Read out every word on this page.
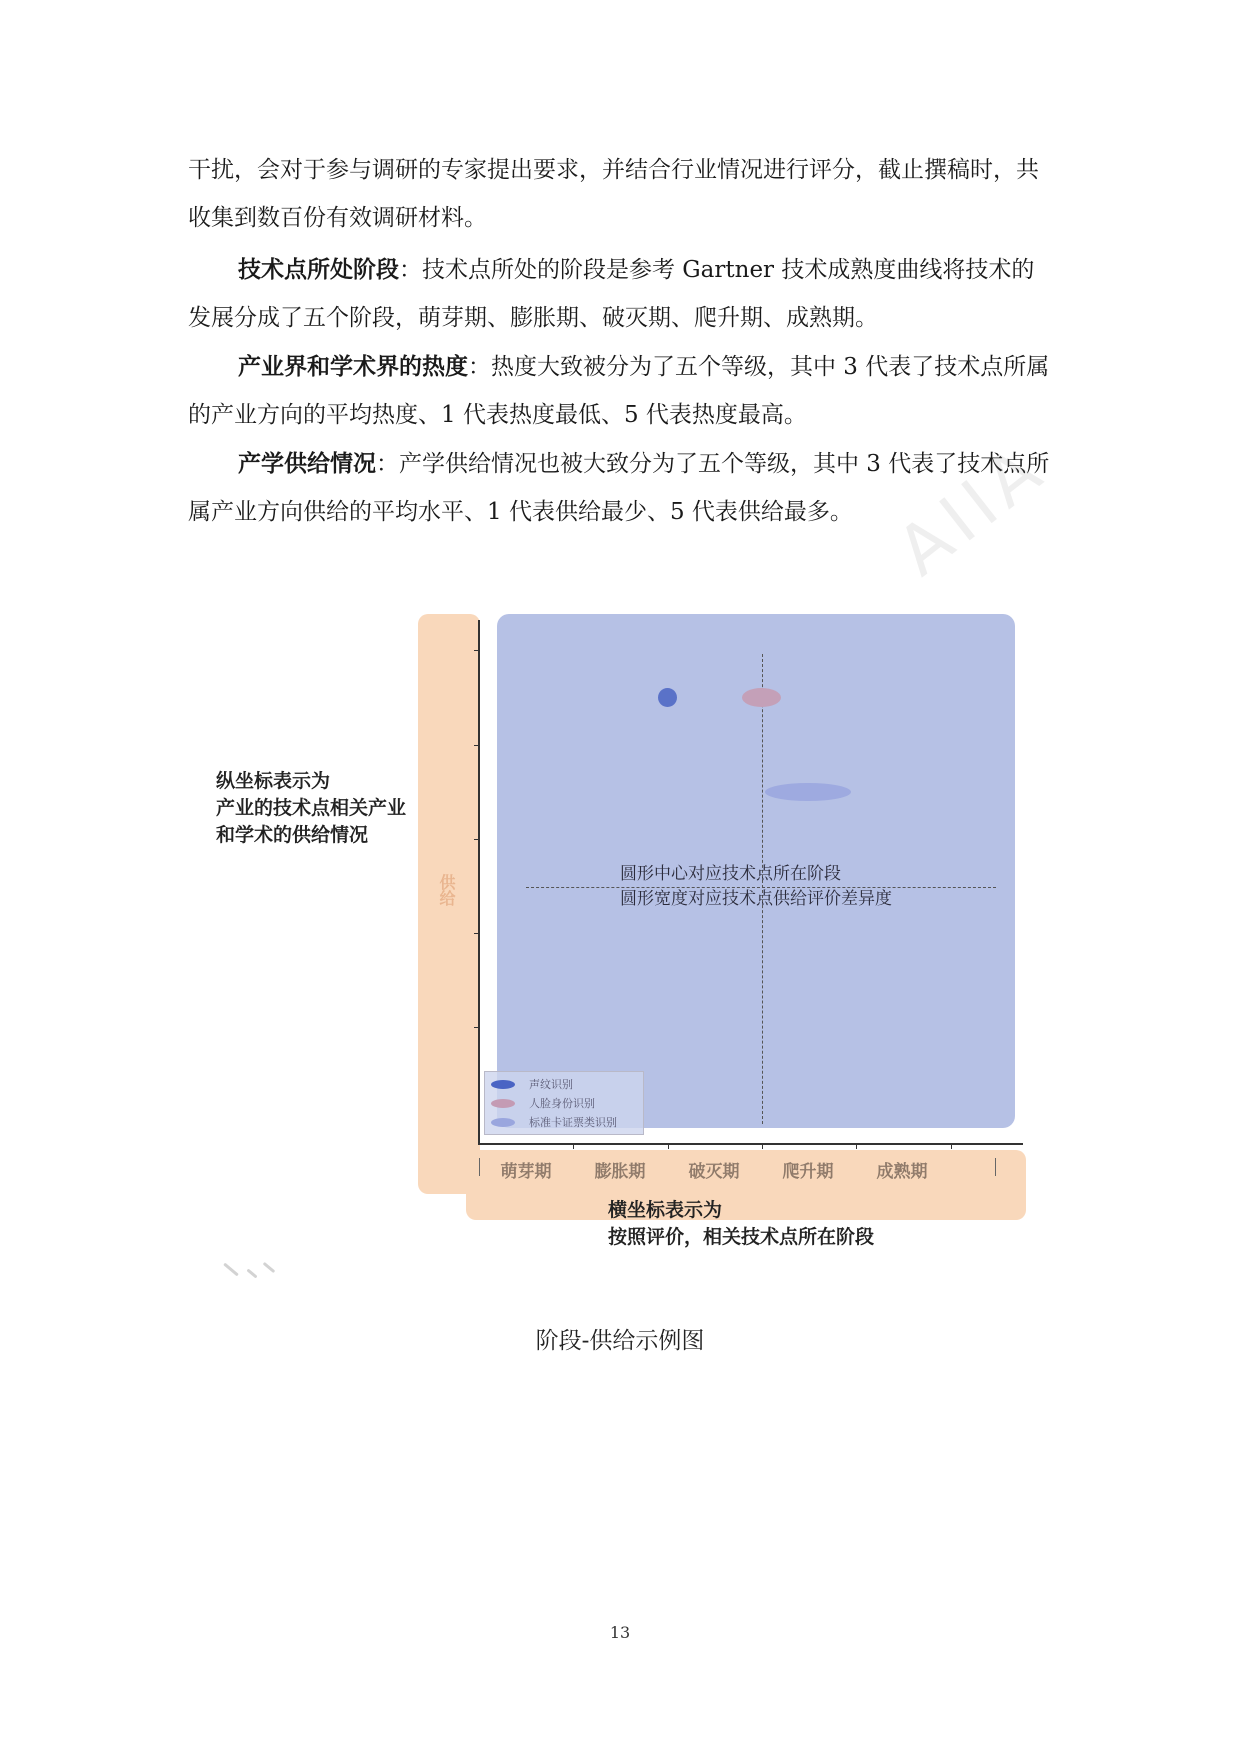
干扰，会对于参与调研的专家提出要求，并结合行业情况进行评分，截止撰稿时，共收集到数百份有效调研材料。

技术点所处阶段：技术点所处的阶段是参考 Gartner 技术成熟度曲线将技术的发展分成了五个阶段，萌芽期、膨胀期、破灭期、爬升期、成熟期。

产业界和学术界的热度：热度大致被分为了五个等级，其中 3 代表了技术点所属的产业方向的平均热度、1 代表热度最低、5 代表热度最高。

产学供给情况：产学供给情况也被大致分为了五个等级，其中 3 代表了技术点所属产业方向供给的平均水平、1 代表供给最少、5 代表供给最多。

圆形中心对应技术点所在阶段
圆形宽度对应技术点供给评价差异度
供给
纵坐标表示为
产业的技术点相关产业
和学术的供给情况
萌芽期	膨胀期	破灭期	爬升期	成熟期
横坐标表示为
按照评价，相关技术点所在阶段
声纹识别
人脸身份识别
标准卡证票类识别
AIIA
阶段-供给示例图
13
